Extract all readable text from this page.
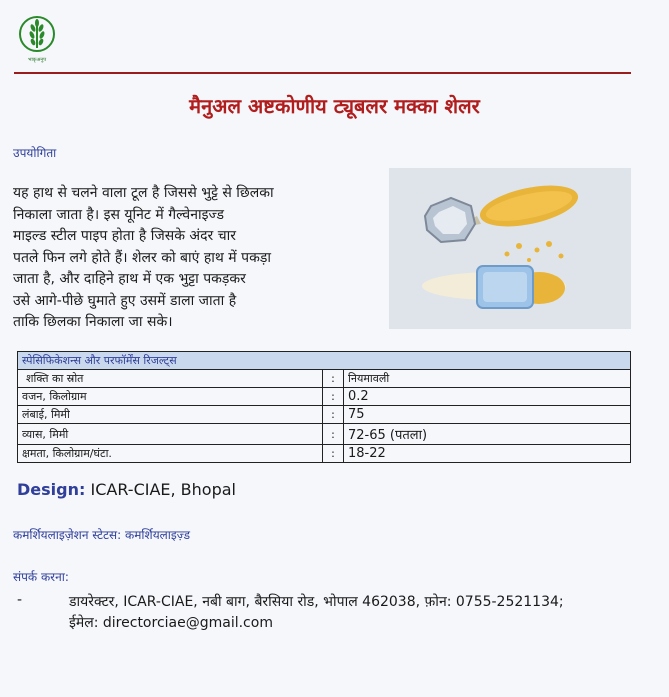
भाकृअनुप
मैनुअल अष्टकोणीय ट्यूबलर मक्का शेलर
उपयोगिता
यह हाथ से चलने वाला टूल है जिससे भुट्टे से छिलका
निकाला जाता है। इस यूनिट में गैल्वेनाइज्ड
माइल्ड स्टील पाइप होता है जिसके अंदर चार
पतले फिन लगे होते हैं। शेलर को बाएं हाथ में पकड़ा
जाता है, और दाहिने हाथ में एक भुट्टा पकड़कर
उसे आगे-पीछे घुमाते हुए उसमें डाला जाता है
ताकि छिलका निकाला जा सके।
स्पेसिफिकेशन्स और परफॉर्मेंस रिजल्ट्स		
शक्ति का स्रोत	:	नियमावली
वजन, किलोग्राम	:	0.2
लंबाई, मिमी	:	75
व्यास, मिमी	:	72-65 (पतला)
क्षमता, किलोग्राम/घंटा.	:	18-22
Design: ICAR-CIAE, Bhopal
कमर्शियलाइज़ेशन स्टेटस: कमर्शियलाइज़्ड
संपर्क करना:
-	डायरेक्टर, ICAR-CIAE, नबी बाग, बैरसिया रोड, भोपाल 462038, फ़ोन: 0755-2521134; ईमेल: directorciae@gmail.com
